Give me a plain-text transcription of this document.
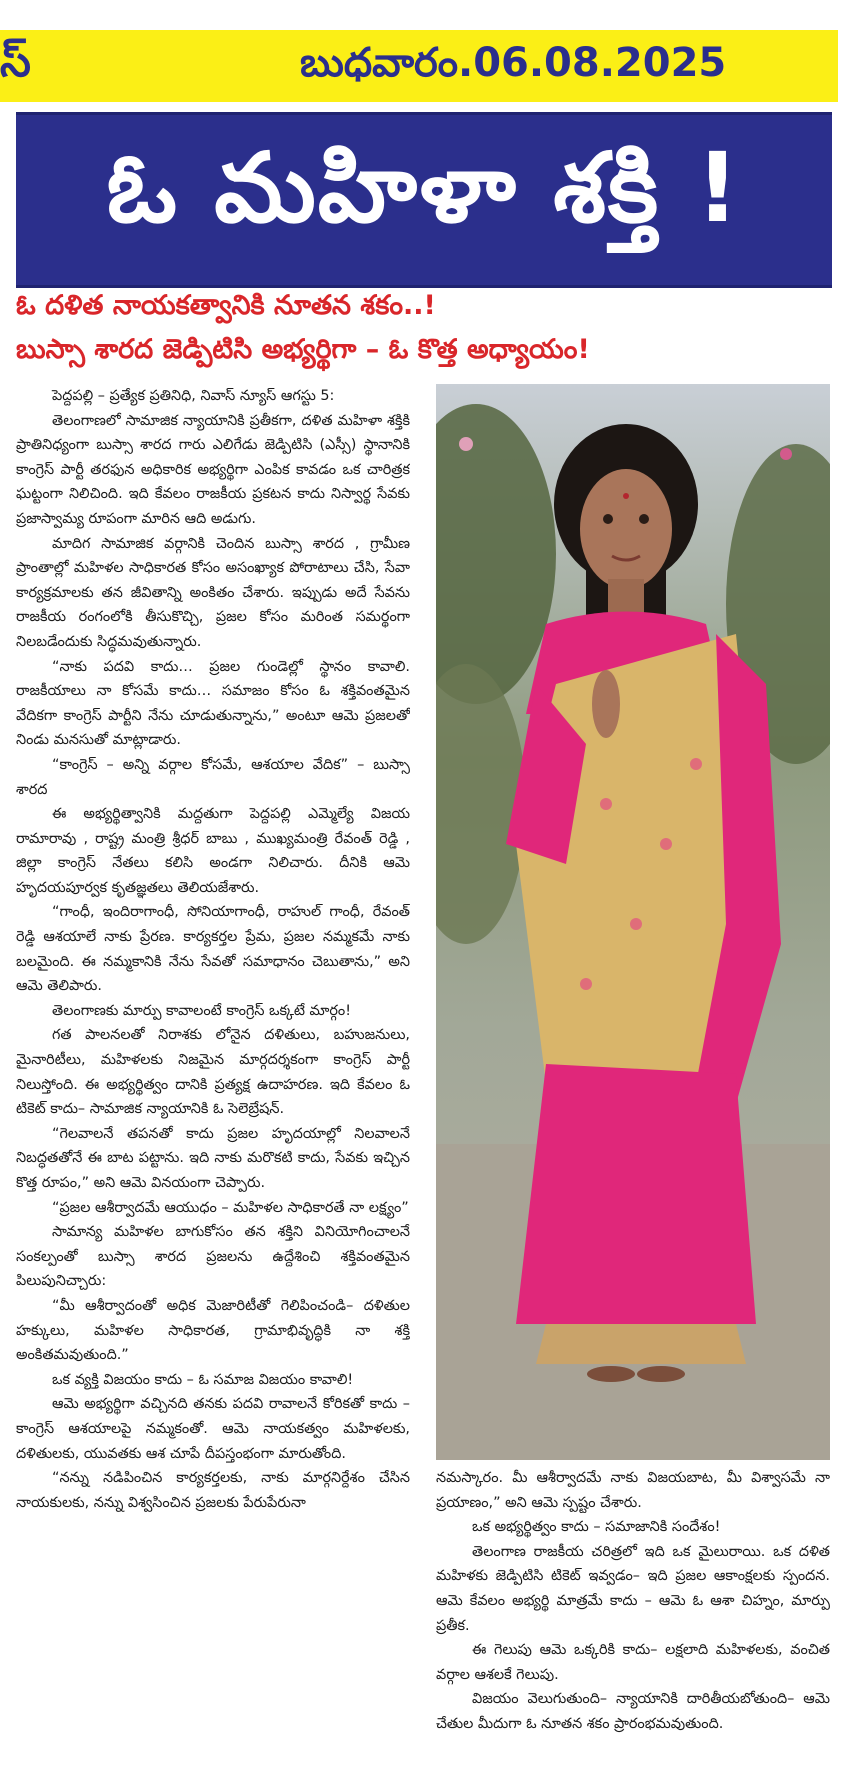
స్	బుధవారం.06.08.2025
ఓ మహిళా శక్తి !
ఓ దళిత నాయకత్వానికి నూతన శకం..!
బుస్సా శారద జెడ్పిటిసి అభ్యర్థిగా – ఓ కొత్త అధ్యాయం!

పెద్దపల్లి – ప్రత్యేక ప్రతినిధి, నివాస్ న్యూస్ ఆగస్టు 5:

తెలంగాణలో సామాజిక న్యాయానికి ప్రతీకగా, దళిత మహిళా శక్తికి ప్రాతినిధ్యంగా బుస్సా శారద గారు ఎలిగేడు జెడ్పిటిసి (ఎస్సీ) స్థానానికి కాంగ్రెస్ పార్టీ తరఫున అధికారిక అభ్యర్థిగా ఎంపిక కావడం ఒక చారిత్రక ఘట్టంగా నిలిచింది. ఇది కేవలం రాజకీయ ప్రకటన కాదు నిస్వార్థ సేవకు ప్రజాస్వామ్య రూపంగా మారిన ఆది అడుగు.

మాదిగ సామాజిక వర్గానికి చెందిన బుస్సా శారద , గ్రామీణ ప్రాంతాల్లో మహిళల సాధికారత కోసం అసంఖ్యాక పోరాటాలు చేసి, సేవా కార్యక్రమాలకు తన జీవితాన్ని అంకితం చేశారు. ఇప్పుడు అదే సేవను రాజకీయ రంగంలోకి తీసుకొచ్చి, ప్రజల కోసం మరింత సమర్థంగా నిలబడేందుకు సిద్ధమవుతున్నారు.

“నాకు పదవి కాదు… ప్రజల గుండెల్లో స్థానం కావాలి. రాజకీయాలు నా కోసమే కాదు… సమాజం కోసం ఓ శక్తివంతమైన వేదికగా కాంగ్రెస్ పార్టీని నేను చూడుతున్నాను,” అంటూ ఆమె ప్రజలతో నిండు మనసుతో మాట్లాడారు.

“కాంగ్రెస్ – అన్ని వర్గాల కోసమే, ఆశయాల వేదిక” – బుస్సా శారద

ఈ అభ్యర్థిత్వానికి మద్దతుగా పెద్దపల్లి ఎమ్మెల్యే విజయ రామారావు , రాష్ట్ర మంత్రి శ్రీధర్ బాబు , ముఖ్యమంత్రి రేవంత్ రెడ్డి , జిల్లా కాంగ్రెస్ నేతలు కలిసి అండగా నిలిచారు. దీనికి ఆమె హృదయపూర్వక కృతజ్ఞతలు తెలియజేశారు.

“గాంధీ, ఇందిరాగాంధీ, సోనియాగాంధీ, రాహుల్ గాంధీ, రేవంత్ రెడ్డి ఆశయాలే నాకు ప్రేరణ. కార్యకర్తల ప్రేమ, ప్రజల నమ్మకమే నాకు బలమైంది. ఈ నమ్మకానికి నేను సేవతో సమాధానం చెబుతాను,” అని ఆమె తెలిపారు.

తెలంగాణకు మార్పు కావాలంటే కాంగ్రెస్ ఒక్కటే మార్గం!

గత పాలనలతో నిరాశకు లోనైన దళితులు, బహుజనులు, మైనారిటీలు, మహిళలకు నిజమైన మార్గదర్శకంగా కాంగ్రెస్ పార్టీ నిలుస్తోంది. ఈ అభ్యర్థిత్వం దానికి ప్రత్యక్ష ఉదాహరణ. ఇది కేవలం ఓ టికెట్ కాదు– సామాజిక న్యాయానికి ఓ సెలెబ్రేషన్.

“గెలవాలనే తపనతో కాదు ప్రజల హృదయాల్లో నిలవాలనే నిబద్ధతతోనే ఈ బాట పట్టాను. ఇది నాకు మరొకటి కాదు, సేవకు ఇచ్చిన కొత్త రూపం,” అని ఆమె వినయంగా చెప్పారు.

“ప్రజల ఆశీర్వాదమే ఆయుధం – మహిళల సాధికారతే నా లక్ష్యం”

సామాన్య మహిళల బాగుకోసం తన శక్తిని వినియోగించాలనే సంకల్పంతో బుస్సా శారద ప్రజలను ఉద్దేశించి శక్తివంతమైన పిలుపునిచ్చారు:

“మీ ఆశీర్వాదంతో అధిక మెజారిటీతో గెలిపించండి– దళితుల హక్కులు, మహిళల సాధికారత, గ్రామాభివృద్ధికి నా శక్తి అంకితమవుతుంది.”

ఒక వ్యక్తి విజయం కాదు – ఓ సమాజ విజయం కావాలి!

ఆమె అభ్యర్థిగా వచ్చినది తనకు పదవి రావాలనే కోరికతో కాదు – కాంగ్రెస్ ఆశయాలపై నమ్మకంతో. ఆమె నాయకత్వం మహిళలకు, దళితులకు, యువతకు ఆశ చూపే దీపస్తంభంగా మారుతోంది.

“నన్ను నడిపించిన కార్యకర్తలకు, నాకు మార్గనిర్దేశం చేసిన నాయకులకు, నన్ను విశ్వసించిన ప్రజలకు పేరుపేరునా

నమస్కారం. మీ ఆశీర్వాదమే నాకు విజయబాట, మీ విశ్వాసమే నా ప్రయాణం,” అని ఆమె స్పష్టం చేశారు.

ఒక అభ్యర్థిత్వం కాదు – సమాజానికి సందేశం!

తెలంగాణ రాజకీయ చరిత్రలో ఇది ఒక మైలురాయి. ఒక దళిత మహిళకు జెడ్పిటిసి టికెట్ ఇవ్వడం– ఇది ప్రజల ఆకాంక్షలకు స్పందన. ఆమె కేవలం అభ్యర్థి మాత్రమే కాదు – ఆమె ఓ ఆశా చిహ్నం, మార్పు ప్రతీక.

ఈ గెలుపు ఆమె ఒక్కరికి కాదు– లక్షలాది మహిళలకు, వంచిత వర్గాల ఆశలకే గెలుపు.

విజయం వెలుగుతుంది– న్యాయానికి దారితీయబోతుంది– ఆమె చేతుల మీదుగా ఓ నూతన శకం ప్రారంభమవుతుంది.
